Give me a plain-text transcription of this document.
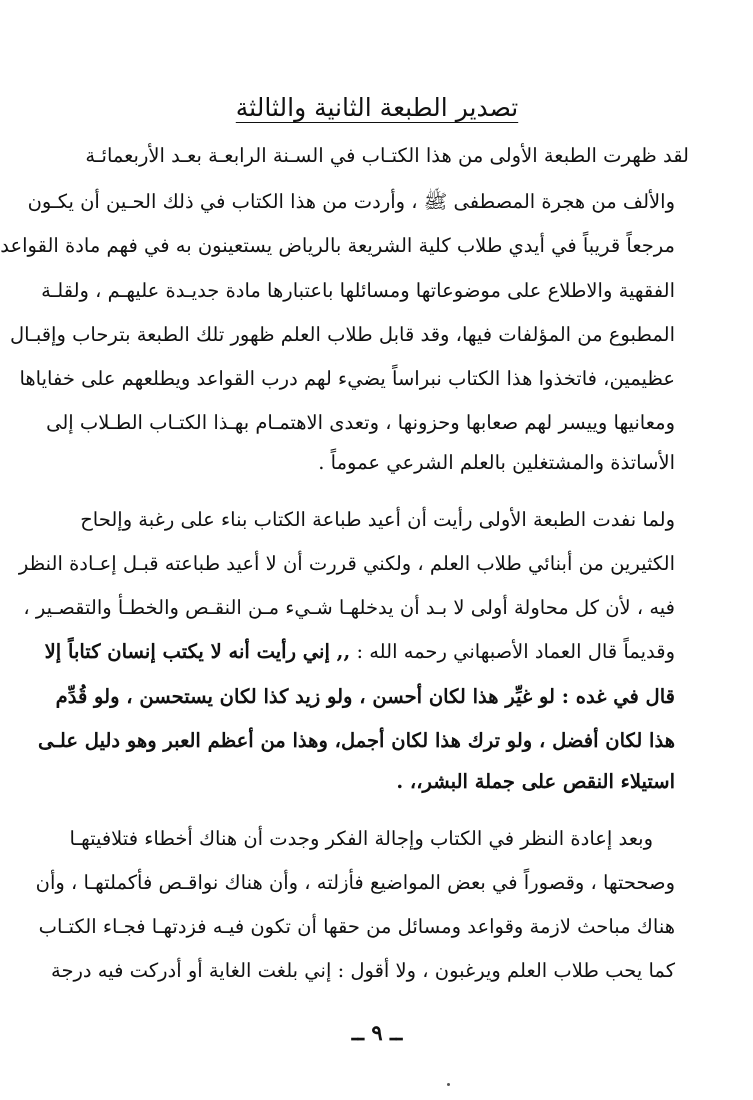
تصدير الطبعة الثانية والثالثة
لقد ظهرت الطبعة الأولى من هذا الكتـاب في السـنة الرابعـة بعـد الأربعمائـة
والألف من هجرة المصطفى ﷺ ، وأردت من هذا الكتاب في ذلك الحـين أن يكـون
مرجعاً قريباً في أيدي طلاب كلية الشريعة بالرياض يستعينون به في فهم مادة القواعد
الفقهية والاطلاع على موضوعاتها ومسائلها باعتبارها مادة جديـدة عليهـم ، ولقلـة
المطبوع من المؤلفات فيها، وقد قابل طلاب العلم ظهور تلك الطبعة بترحاب وإقبـال
عظيمين، فاتخذوا هذا الكتاب نبراساً يضيء لهم درب القواعد ويطلعهم على خفاياها
ومعانيها وييسر لهم صعابها وحزونها ، وتعدى الاهتمـام بهـذا الكتـاب الطـلاب إلى
الأساتذة والمشتغلين بالعلم الشرعي عموماً .
ولما نفدت الطبعة الأولى رأيت أن أعيد طباعة الكتاب بناء على رغبة وإلحاح
الكثيرين من أبنائي طلاب العلم ، ولكني قررت أن لا أعيد طباعته قبـل إعـادة النظر
فيه ، لأن كل محاولة أولى لا بـد أن يدخلهـا شـيء مـن النقـص والخطـأ والتقصـير ،
وقديماً قال العماد الأصبهاني رحمه الله : ,, إني رأيت أنه لا يكتب إنسان كتاباً إلا
قال في غده : لو غيِّر هذا لكان أحسن ، ولو زيد كذا لكان يستحسن ، ولو قُدِّم
هذا لكان أفضل ، ولو ترك هذا لكان أجمل، وهذا من أعظم العبر وهو دليل علـى
استيلاء النقص على جملة البشر،، .
وبعد إعادة النظر في الكتاب وإجالة الفكر وجدت أن هناك أخطاء فتلافيتهـا
وصححتها ، وقصوراً في بعض المواضيع فأزلته ، وأن هناك نواقـص فأكملتهـا ، وأن
هناك مباحث لازمة وقواعد ومسائل من حقها أن تكون فيـه فزدتهـا فجـاء الكتـاب
كما يحب طلاب العلم ويرغبون ، ولا أقول : إني بلغت الغاية أو أدركت فيه درجة
ــ ٩ ــ
